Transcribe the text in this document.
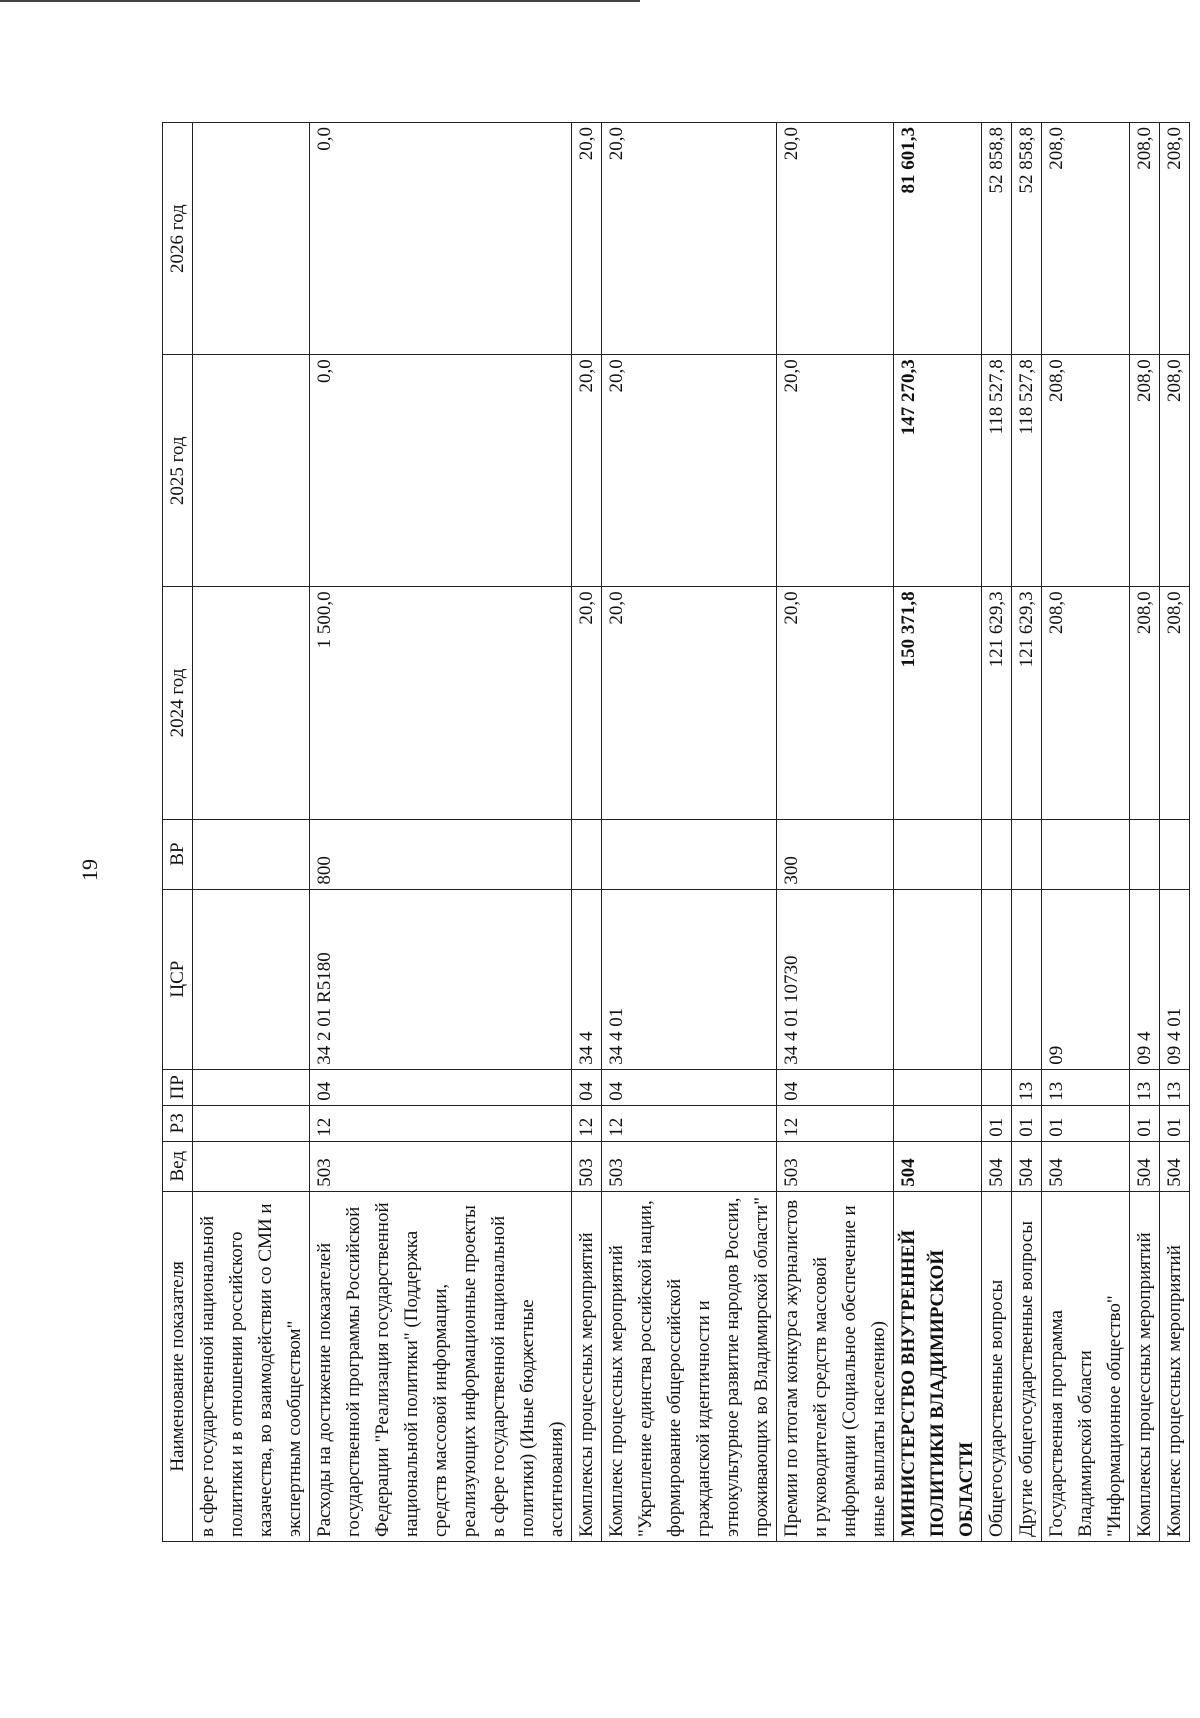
19
Наименование показателя	Вед	РЗ	ПР	ЦСР	ВР	2024 год	2025 год	2026 год
в сфере государственной национальной политики и в отношении российского казачества, во взаимодействии со СМИ и экспертным сообществом"								
Расходы на достижение показателей государственной программы Российской Федерации "Реализация государственной национальной политики" (Поддержка средств массовой информации, реализующих информационные проекты в сфере государственной национальной политики) (Иные бюджетные ассигнования)	503	12	04	34 2 01 R5180	800	1 500,0	0,0	0,0
Комплексы процессных мероприятий	503	12	04	34 4		20,0	20,0	20,0
Комплекс процессных мероприятий "Укрепление единства российской нации, формирование общероссийской гражданской идентичности и этнокультурное развитие народов России, проживающих во Владимирской области"	503	12	04	34 4 01		20,0	20,0	20,0
Премии по итогам конкурса журналистов и руководителей средств массовой информации (Социальное обеспечение и иные выплаты населению)	503	12	04	34 4 01 10730	300	20,0	20,0	20,0
МИНИСТЕРСТВО ВНУТРЕННЕЙ ПОЛИТИКИ ВЛАДИМИРСКОЙ ОБЛАСТИ	504					150 371,8	147 270,3	81 601,3
Общегосударственные вопросы	504	01				121 629,3	118 527,8	52 858,8
Другие общегосударственные вопросы	504	01	13			121 629,3	118 527,8	52 858,8
Государственная программа Владимирской области "Информационное общество"	504	01	13	09		208,0	208,0	208,0
Комплексы процессных мероприятий	504	01	13	09 4		208,0	208,0	208,0
Комплекс процессных мероприятий	504	01	13	09 4 01		208,0	208,0	208,0
